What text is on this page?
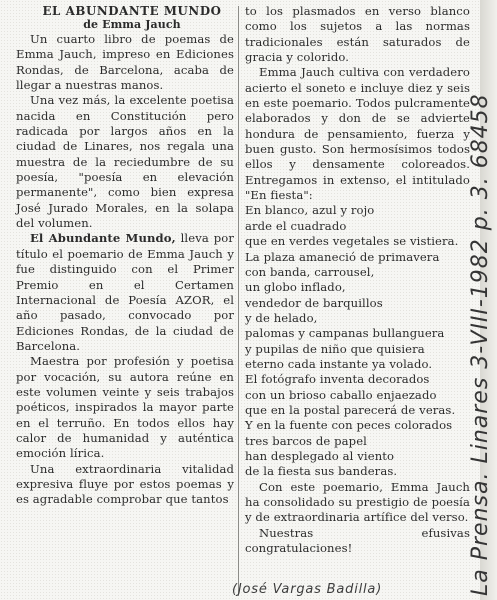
EL ABUNDANTE MUNDO

de Emma Jauch

Un cuarto libro de poemas de Emma Jauch, impreso en Ediciones Rondas, de Barcelona, acaba de llegar a nuestras manos.

Una vez más, la excelente poetisa nacida en Constitución pero radicada por largos años en la ciudad de Linares, nos regala una muestra de la reciedumbre de su poesía, "poesía en elevación permanente", como bien expresa José Jurado Morales, en la solapa del volumen.

El Abundante Mundo, lleva por título el poemario de Emma Jauch y fue distinguido con el Primer Premio en el Certamen Internacional de Poesía AZOR, el año pasado, convocado por Ediciones Rondas, de la ciudad de Barcelona.

Maestra por profesión y poetisa por vocación, su autora reúne en este volumen veinte y seis trabajos poéticos, inspirados la mayor parte en el terruño. En todos ellos hay calor de humanidad y auténtica emoción lírica.

Una extraordinaria vitalidad expresiva fluye por estos poemas y es agradable comprobar que tantos

to los plasmados en verso blanco como los sujetos a las normas tradicionales están saturados de gracia y colorido.

Emma Jauch cultiva con verdadero acierto el soneto e incluye diez y seis en este poemario. Todos pulcramente elaborados y don de se advierte hondura de pensamiento, fuerza y buen gusto. Son hermosísimos todos ellos y densamente coloreados. Entregamos in extenso, el intitulado "En fiesta":

En blanco, azul y rojo
arde el cuadrado
que en verdes vegetales se vistiera.
La plaza amaneció de primavera
con banda, carrousel,
un globo inflado,
vendedor de barquillos
y de helado,
palomas y campanas bullanguera
y pupilas de niño que quisiera
eterno cada instante ya volado.
El fotógrafo inventa decorados
con un brioso caballo enjaezado
que en la postal parecerá de veras.
Y en la fuente con peces colorados
tres barcos de papel
han desplegado al viento
de la fiesta sus banderas.

Con este poemario, Emma Jauch ha consolidado su prestigio de poesía y de extraordinaria artífice del verso.

Nuestras efusivas congratulaciones!

(José Vargas Badilla)	La Prensa. Linares 3-VIII-1982 p. 3. 68458
